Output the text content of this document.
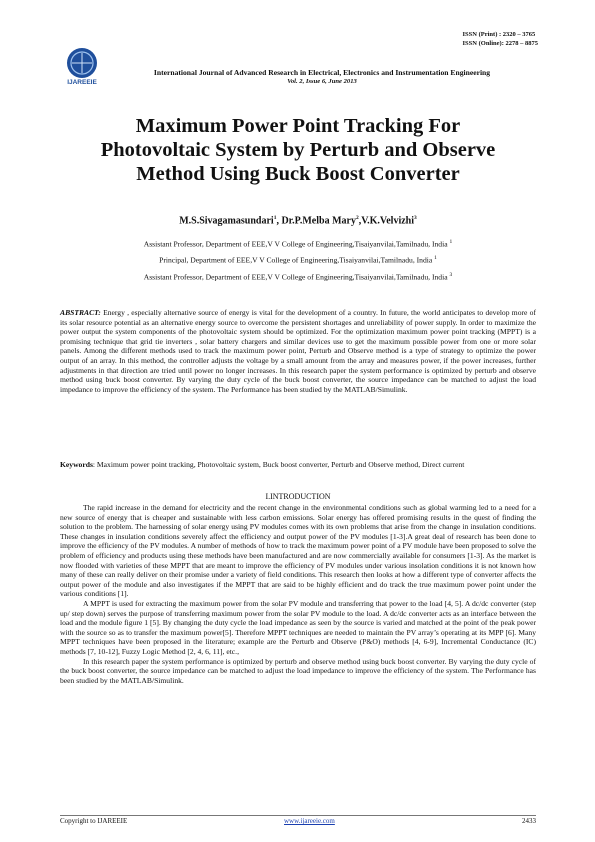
ISSN (Print) : 2320 – 3765
ISSN (Online): 2278 – 8875
IJAREEIE
International Journal of Advanced Research in Electrical, Electronics and Instrumentation Engineering
Vol. 2, Issue 6, June 2013
Maximum Power Point Tracking For
Photovoltaic System by Perturb and Observe
Method Using Buck Boost Converter
M.S.Sivagamasundari$^1$, Dr.P.Melba Mary$^2$,V.K.Velvizhi$^3$
Assistant Professor, Department of EEE,V V College of Engineering,Tisaiyanvilai,Tamilnadu, India $^1$
Principal, Department of EEE,V V College of Engineering,Tisaiyanvilai,Tamilnadu, India $^1$
Assistant Professor, Department of EEE,V V College of Engineering,Tisaiyanvilai,Tamilnadu, India $^3$
ABSTRACT: Energy , especially alternative source of energy is vital for the development of a country. In future, the world anticipates to develop more of its solar resource potential as an alternative energy source to overcome the persistent shortages and unreliability of power supply. In order to maximize the power output the system components of the photovoltaic system should be optimized. For the optimization maximum power point tracking (MPPT) is a promising technique that grid tie inverters , solar battery chargers and similar devices use to get the maximum possible power from one or more solar panels. Among the different methods used to track the maximum power point, Perturb and Observe method is a type of strategy to optimize the power output of an array. In this method, the controller adjusts the voltage by a small amount from the array and measures power, if the power increases, further adjustments in that direction are tried until power no longer increases. In this research paper the system performance is optimized by perturb and observe method using buck boost converter. By varying the duty cycle of the buck boost converter, the source impedance can be matched to adjust the load impedance to improve the efficiency of the system. The Performance has been studied by the MATLAB/Simulink.
Keywords: Maximum power point tracking, Photovoltaic system, Buck boost converter, Perturb and Observe method, Direct current
I.INTRODUCTION

The rapid increase in the demand for electricity and the recent change in the environmental conditions such as global warming led to a need for a new source of energy that is cheaper and sustainable with less carbon emissions. Solar energy has offered promising results in the quest of finding the solution to the problem. The harnessing of solar energy using PV modules comes with its own problems that arise from the change in insulation conditions. These changes in insulation conditions severely affect the efficiency and output power of the PV modules [1-3].A great deal of research has been done to improve the efficiency of the PV modules. A number of methods of how to track the maximum power point of a PV module have been proposed to solve the problem of efficiency and products using these methods have been manufactured and are now commercially available for consumers [1-3]. As the market is now flooded with varieties of these MPPT that are meant to improve the efficiency of PV modules under various insolation conditions it is not known how many of these can really deliver on their promise under a variety of field conditions. This research then looks at how a different type of converter affects the output power of the module and also investigates if the MPPT that are said to be highly efficient and do track the true maximum power point under the various conditions [1].

A MPPT is used for extracting the maximum power from the solar PV module and transferring that power to the load [4, 5]. A dc/dc converter (step up/ step down) serves the purpose of transferring maximum power from the solar PV module to the load. A dc/dc converter acts as an interface between the load and the module figure 1 [5]. By changing the duty cycle the load impedance as seen by the source is varied and matched at the point of the peak power with the source so as to transfer the maximum power[5]. Therefore MPPT techniques are needed to maintain the PV array’s operating at its MPP [6]. Many MPPT techniques have been proposed in the literature; example are the Perturb and Observe (P&O) methods [4, 6-9], Incremental Conductance (IC) methods [7, 10-12], Fuzzy Logic Method [2, 4, 6, 11], etc.,

In this research paper the system performance is optimized by perturb and observe method using buck boost converter. By varying the duty cycle of the buck boost converter, the source impedance can be matched to adjust the load impedance to improve the efficiency of the system. The Performance has been studied by the MATLAB/Simulink.

Copyright to IJAREEIE	www.ijareeie.com	2433
